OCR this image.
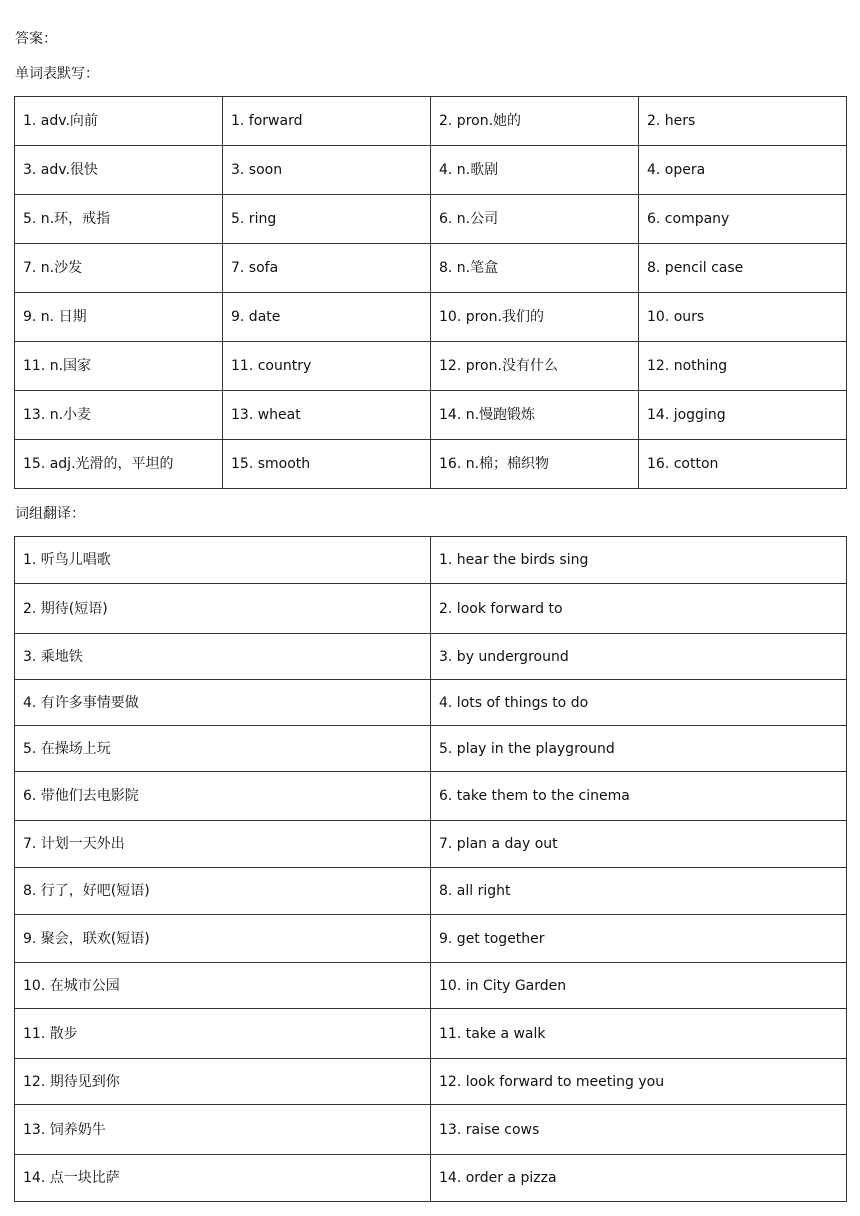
答案：
单词表默写：
1. adv.向前	1. forward	2. pron.她的	2. hers
3. adv.很快	3. soon	4. n.歌剧	4. opera
5. n.环，戒指	5. ring	6. n.公司	6. company
7. n.沙发	7. sofa	8. n.笔盒	8. pencil case
9. n. 日期	9. date	10. pron.我们的	10. ours
11. n.国家	11. country	12. pron.没有什么	12. nothing
13. n.小麦	13. wheat	14. n.慢跑锻炼	14. jogging
15. adj.光滑的，平坦的	15. smooth	16. n.棉；棉织物	16. cotton
词组翻译：
1. 听鸟儿唱歌	1. hear the birds sing
2. 期待(短语)	2. look forward to
3. 乘地铁	3. by underground
4. 有许多事情要做	4. lots of things to do
5. 在操场上玩	5. play in the playground
6. 带他们去电影院	6. take them to the cinema
7. 计划一天外出	7. plan a day out
8. 行了，好吧(短语)	8. all right
9. 聚会，联欢(短语)	9. get together
10. 在城市公园	10. in City Garden
11. 散步	11. take a walk
12. 期待见到你	12. look forward to meeting you
13. 饲养奶牛	13. raise cows
14. 点一块比萨	14. order a pizza
